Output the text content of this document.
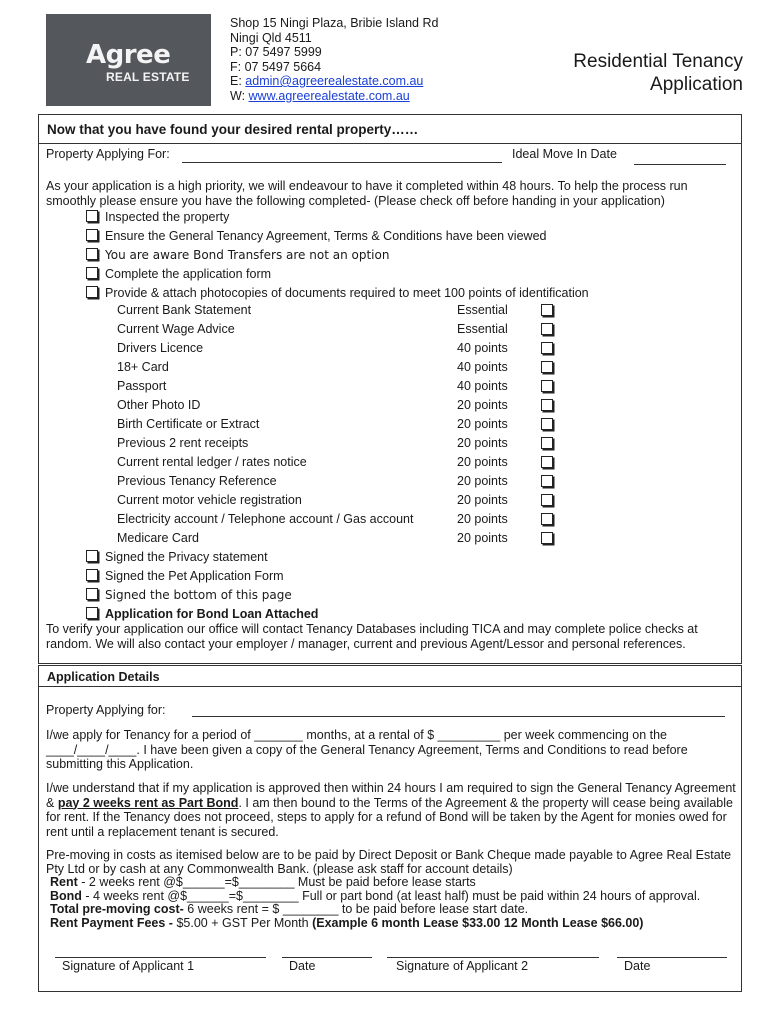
Agree
REAL ESTATE
Shop 15 Ningi Plaza, Bribie Island Rd
Ningi Qld 4511
P: 07 5497 5999
F: 07 5497 5664
E: admin@agreerealestate.com.au
W: www.agreerealestate.com.au
Residential Tenancy
Application
Now that you have found your desired rental property……
Property Applying For:	Ideal Move In Date

As your application is a high priority, we will endeavour to have it completed within 48 hours. To help the process run smoothly please ensure you have the following completed- (Please check off before handing in your application)

Inspected the property
Ensure the General Tenancy Agreement, Terms & Conditions have been viewed
You are aware Bond Transfers are not an option
Complete the application form
Provide & attach photocopies of documents required to meet 100 points of identification
Current Bank Statement	Essential
Current Wage Advice	Essential
Drivers Licence	40 points
18+ Card	40 points
Passport	40 points
Other Photo ID	20 points
Birth Certificate or Extract	20 points
Previous 2 rent receipts	20 points
Current rental ledger / rates notice	20 points
Previous Tenancy Reference	20 points
Current motor vehicle registration	20 points
Electricity account / Telephone account / Gas account	20 points
Medicare Card	20 points
Signed the Privacy statement
Signed the Pet Application Form
Signed the bottom of this page
Application for Bond Loan Attached

To verify your application our office will contact Tenancy Databases including TICA and may complete police checks at random. We will also contact your employer / manager, current and previous Agent/Lessor and personal references.

Application Details
Property Applying for:

I/we apply for Tenancy for a period of _______ months, at a rental of $ _________ per week commencing on the ____/____/____. I have been given a copy of the General Tenancy Agreement, Terms and Conditions to read before submitting this Application.

I/we understand that if my application is approved then within 24 hours I am required to sign the General Tenancy Agreement & pay 2 weeks rent as Part Bond. I am then bound to the Terms of the Agreement & the property will cease being available for rent. If the Tenancy does not proceed, steps to apply for a refund of Bond will be taken by the Agent for monies owed for rent until a replacement tenant is secured.

Pre-moving in costs as itemised below are to be paid by Direct Deposit or Bank Cheque made payable to Agree Real Estate Pty Ltd or by cash at any Commonwealth Bank. (please ask staff for account details)

Rent - 2 weeks rent @$______=$________ Must be paid before lease starts

Bond - 4 weeks rent @$______=$________ Full or part bond (at least half) must be paid within 24 hours of approval.

Total pre-moving cost- 6 weeks rent = $ ________ to be paid before lease start date.

Rent Payment Fees - $5.00 + GST Per Month (Example 6 month Lease $33.00 12 Month Lease $66.00)

Signature of Applicant 1	Date	Signature of Applicant 2	Date
